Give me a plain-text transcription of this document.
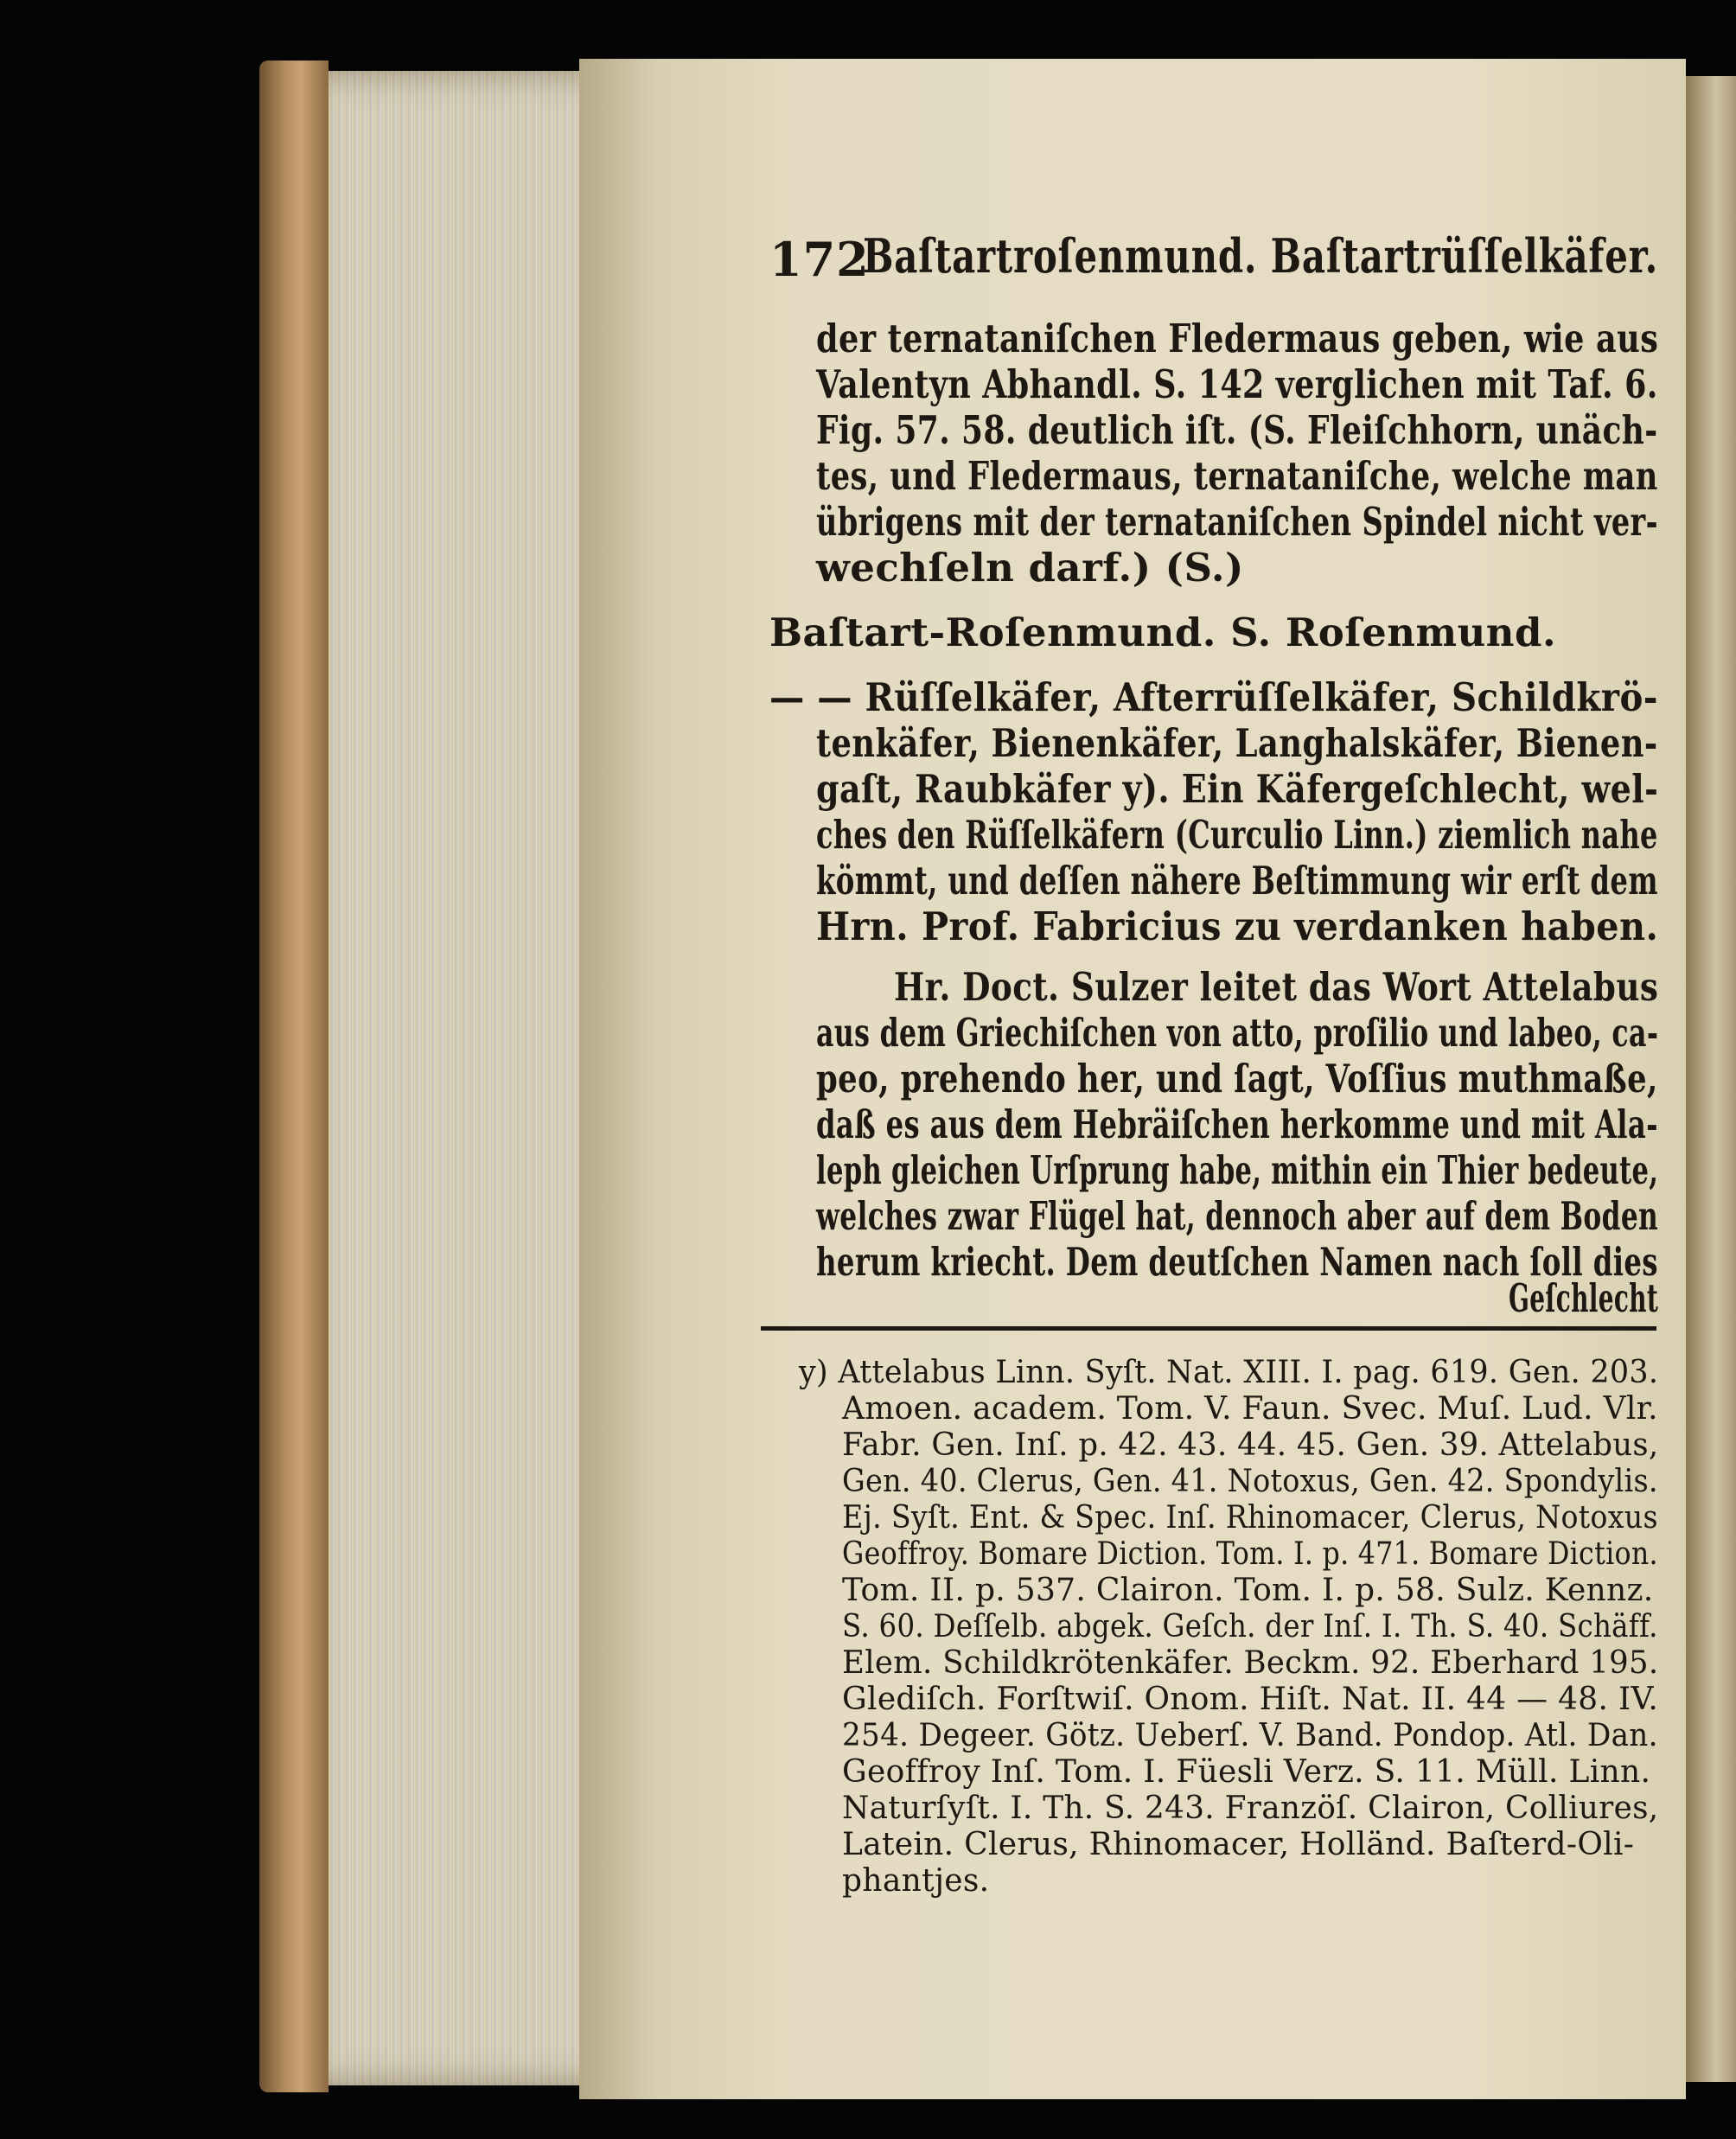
172
Baſtartroſenmund. Baſtartrüſſelkäfer.
der ternataniſchen Fledermaus geben, wie aus
Valentyn Abhandl. S. 142 verglichen mit Taf. 6.
Fig. 57. 58. deutlich iſt. (S. Fleiſchhorn, unäch-
tes, und Fledermaus, ternataniſche, welche man
übrigens mit der ternataniſchen Spindel nicht ver-
wechſeln darf.) (S.)
Baſtart-Roſenmund. S. Roſenmund.
— — Rüſſelkäfer, Afterrüſſelkäfer, Schildkrö-
tenkäfer, Bienenkäfer, Langhalskäfer, Bienen-
gaſt, Raubkäfer y). Ein Käfergeſchlecht, wel-
ches den Rüſſelkäfern (Curculio Linn.) ziemlich nahe
kömmt, und deſſen nähere Beſtimmung wir erſt dem
Hrn. Prof. Fabricius zu verdanken haben.
Hr. Doct. Sulzer leitet das Wort Attelabus
aus dem Griechiſchen von atto, proſilio und labeo, ca-
peo, prehendo her, und ſagt, Voſſius muthmaße,
daß es aus dem Hebräiſchen herkomme und mit Ala-
leph gleichen Urſprung habe, mithin ein Thier bedeute,
welches zwar Flügel hat, dennoch aber auf dem Boden
herum kriecht. Dem deutſchen Namen nach ſoll dies
Geſchlecht
y) Attelabus Linn. Syſt. Nat. XIII. I. pag. 619. Gen. 203.
Amoen. academ. Tom. V. Faun. Svec. Muſ. Lud. Vlr.
Fabr. Gen. Inſ. p. 42. 43. 44. 45. Gen. 39. Attelabus,
Gen. 40. Clerus, Gen. 41. Notoxus, Gen. 42. Spondylis.
Ej. Syſt. Ent. & Spec. Inſ. Rhinomacer, Clerus, Notoxus
Geoffroy. Bomare Diction. Tom. I. p. 471. Bomare Diction.
Tom. II. p. 537. Clairon. Tom. I. p. 58. Sulz. Kennz.
S. 60. Deſſelb. abgek. Geſch. der Inſ. I. Th. S. 40. Schäff.
Elem. Schildkrötenkäfer. Beckm. 92. Eberhard 195.
Glediſch. Forſtwiſ. Onom. Hiſt. Nat. II. 44 — 48. IV.
254. Degeer. Götz. Ueberſ. V. Band. Pondop. Atl. Dan.
Geoffroy Inſ. Tom. I. Füesli Verz. S. 11. Müll. Linn.
Naturſyſt. I. Th. S. 243. Franzöſ. Clairon, Colliures,
Latein. Clerus, Rhinomacer, Holländ. Baſterd-Oli-
phantjes.
